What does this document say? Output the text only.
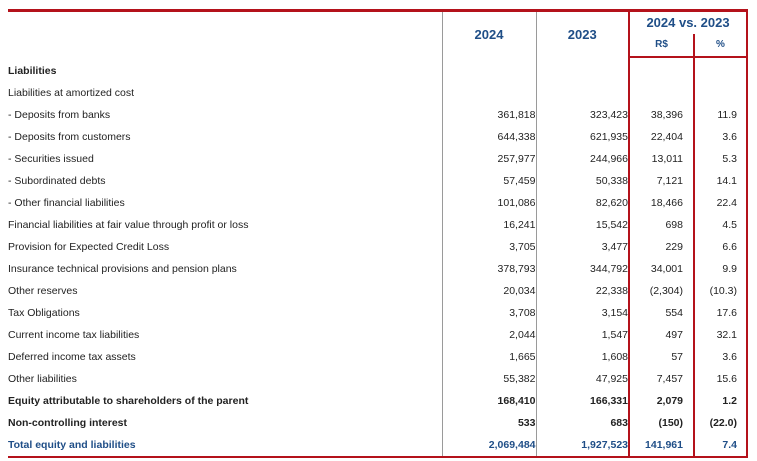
	2024	2023	2024 vs. 2023	
			R$	%
Liabilities				
Liabilities at amortized cost				
- Deposits from banks	361,818	323,423	38,396	11.9
- Deposits from customers	644,338	621,935	22,404	3.6
- Securities issued	257,977	244,966	13,011	5.3
- Subordinated debts	57,459	50,338	7,121	14.1
- Other financial liabilities	101,086	82,620	18,466	22.4
Financial liabilities at fair value through profit or loss	16,241	15,542	698	4.5
Provision for Expected Credit Loss	3,705	3,477	229	6.6
Insurance technical provisions and pension plans	378,793	344,792	34,001	9.9
Other reserves	20,034	22,338	(2,304)	(10.3)
Tax Obligations	3,708	3,154	554	17.6
Current income tax liabilities	2,044	1,547	497	32.1
Deferred income tax assets	1,665	1,608	57	3.6
Other liabilities	55,382	47,925	7,457	15.6
Equity attributable to shareholders of the parent	168,410	166,331	2,079	1.2
Non-controlling interest	533	683	(150)	(22.0)
Total equity and liabilities	2,069,484	1,927,523	141,961	7.4
